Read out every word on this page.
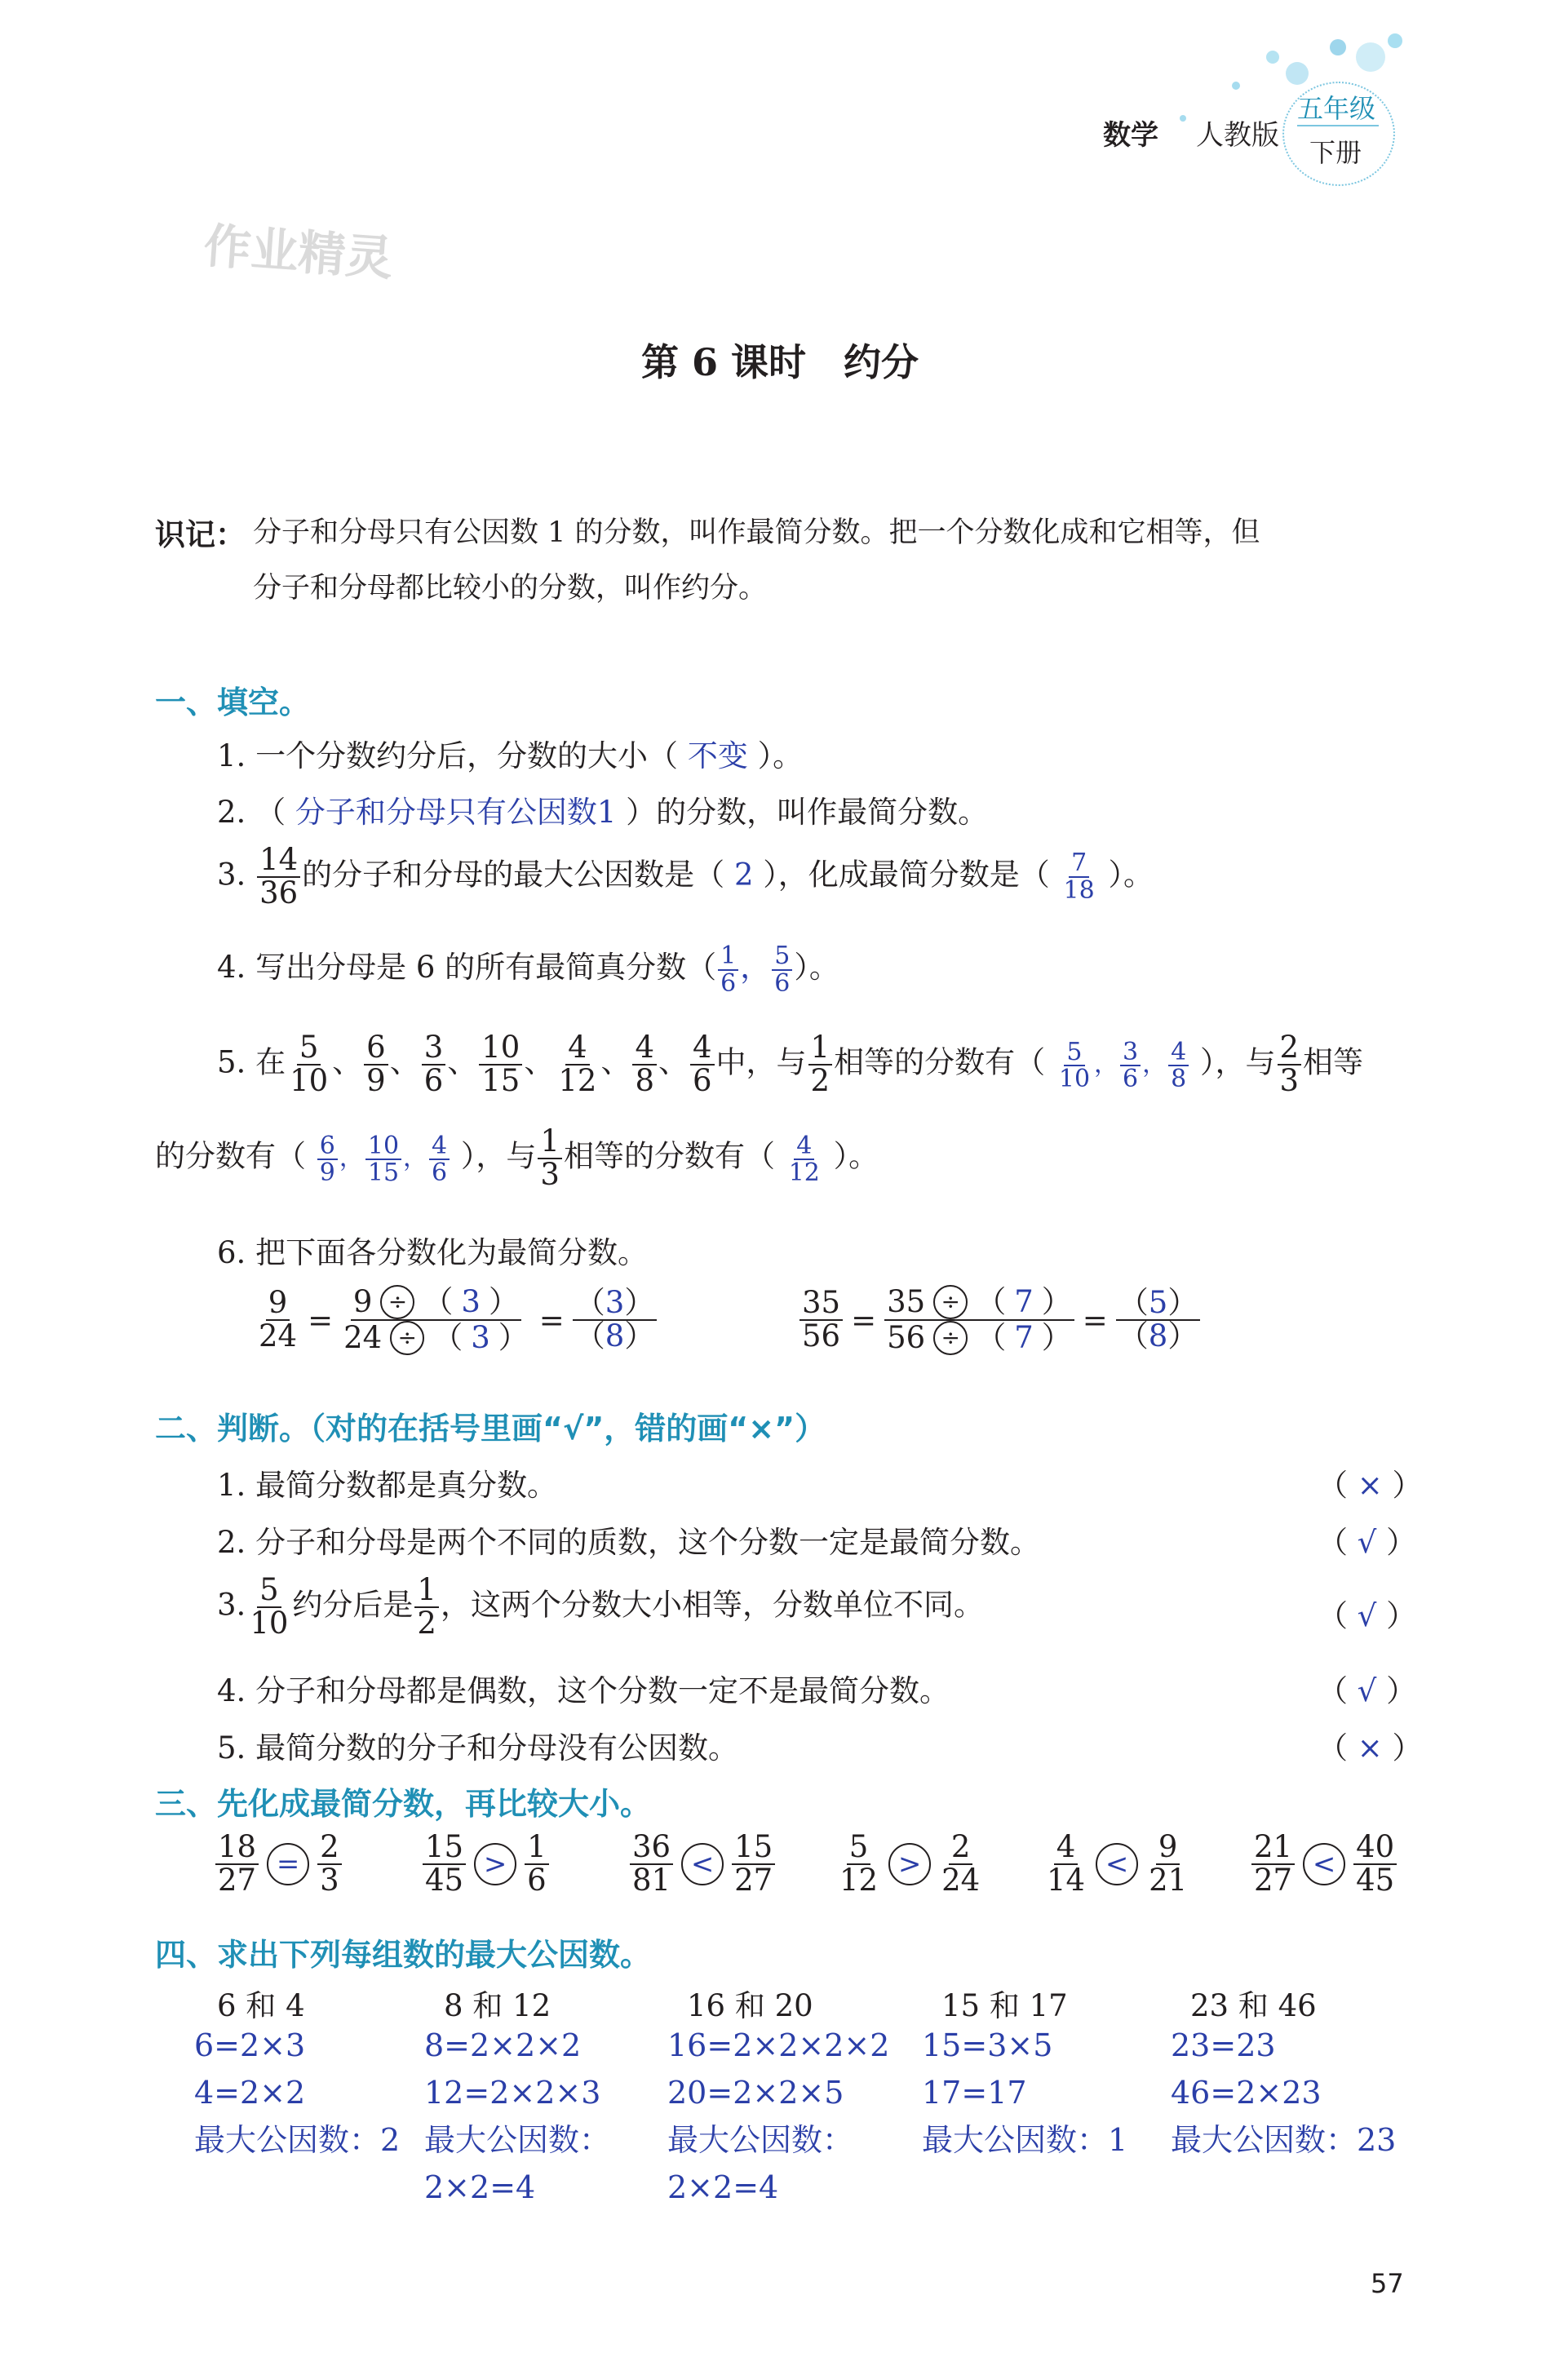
数学 人教版
五年级
下册
作业精灵
第 6 课时　约分
识记： 分子和分母只有公因数 1 的分数，叫作最简分数。把一个分数化成和它相等，但
分子和分母都比较小的分数，叫作约分。
一、填空。
1. 一个分数约分后，分数的大小（ 不变 ）。
2. （ 分子和分母只有公因数1 ）的分数，叫作最简分数。
3. $\frac{14}{36}$ 的分子和分母的最大公因数是（ 2 ），化成最简分数是（ $\frac{7}{18}$ ）。
4. 写出分母是 6 的所有最简真分数（ $\frac{1}{6}$ ， $\frac{5}{6}$ ）。
5. 在 $\frac{5}{10}$ 、 $\frac{6}{9}$ 、 $\frac{3}{6}$ 、 $\frac{10}{15}$ 、 $\frac{4}{12}$ 、 $\frac{4}{8}$ 、 $\frac{4}{6}$ 中，与 $\frac{1}{2}$ 相等的分数有（ $\frac{5}{10}$ ， $\frac{3}{6}$ ， $\frac{4}{8}$ ），与 $\frac{2}{3}$ 相等
的分数有（ $\frac{6}{9}$ ， $\frac{10}{15}$ ， $\frac{4}{6}$ ），与 $\frac{1}{3}$ 相等的分数有（ $\frac{4}{12}$ ）。
6. 把下面各分数化为最简分数。
$\frac{9}{24} = \frac{9 \div ( 3 )}{24 \div ( 3 )} = \frac{(3)}{(8)}$	$\frac{35}{56} = \frac{35 \div ( 7 )}{56 \div ( 7 )} = \frac{(5)}{(8)}$
二、判断。（对的在括号里画“√”，错的画“×”）
1. 最简分数都是真分数。	（ × ）
2. 分子和分母是两个不同的质数，这个分数一定是最简分数。	（ √ ）
3. $\frac{5}{10}$ 约分后是 $\frac{1}{2}$ ，这两个分数大小相等，分数单位不同。	（ √ ）
4. 分子和分母都是偶数，这个分数一定不是最简分数。	（ √ ）
5. 最简分数的分子和分母没有公因数。	（ × ）
三、先化成最简分数，再比较大小。
$\frac{18}{27} = \frac{2}{3}$	$\frac{15}{45} > \frac{1}{6}$	$\frac{36}{81} < \frac{15}{27} \frac{5}{12} > \frac{2}{24} \frac{4}{14} < \frac{9}{21} \frac{21}{27} < \frac{40}{45}$
四、求出下列每组数的最大公因数。
6 和 4
6=2×3
4=2×2
最大公因数：2
8 和 12
8=2×2×2
12=2×2×3
最大公因数：
2×2=4
16 和 20
16=2×2×2×2
20=2×2×5
最大公因数：
2×2=4
15 和 17
15=3×5
17=17
最大公因数：1
23 和 46
23=23
46=2×23
最大公因数：23
57
